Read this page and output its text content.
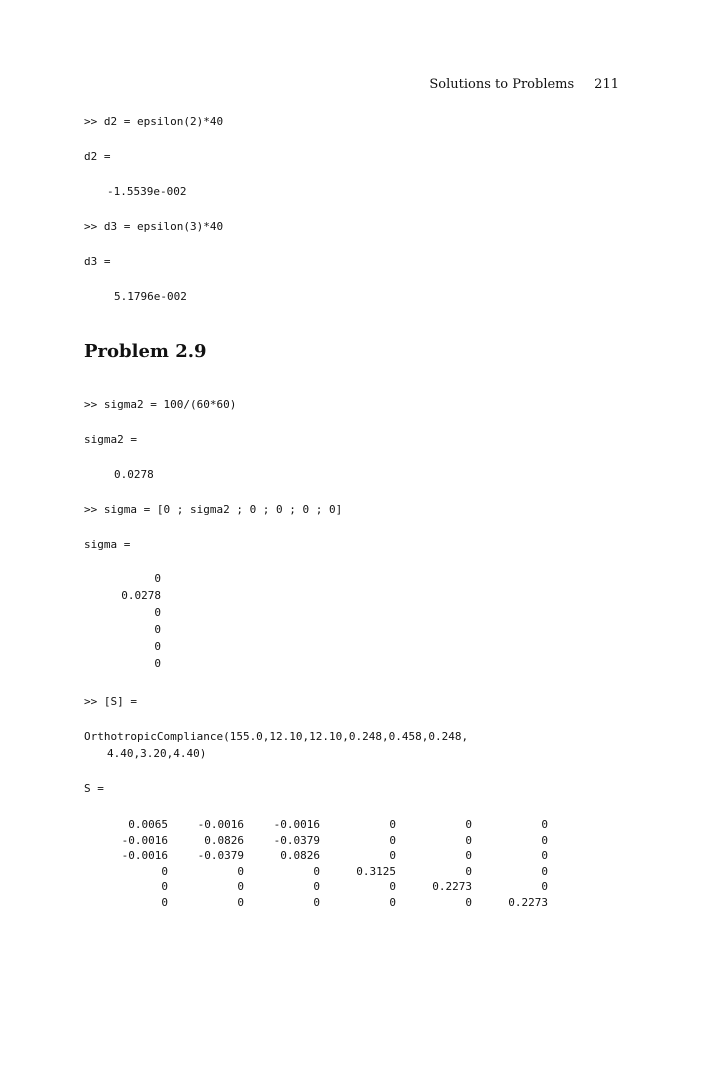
Solutions to Problems 211

>> d2 = epsilon(2)*40

d2 =

-1.5539e-002

>> d3 = epsilon(3)*40

d3 =

5.1796e-002

Problem 2.9

>> sigma2 = 100/(60*60)

sigma2 =

0.0278

>> sigma = [0 ; sigma2 ; 0 ; 0 ; 0 ; 0]

sigma =

0
0.0278
0
0
0
0

>> [S] =

OrthotropicCompliance(155.0,12.10,12.10,0.248,0.458,0.248,

4.40,3.20,4.40)

S =

0.0065	-0.0016	-0.0016	0	0	0
-0.0016	0.0826	-0.0379	0	0	0
-0.0016	-0.0379	0.0826	0	0	0
0	0	0	0.3125	0	0
0	0	0	0	0.2273	0
0	0	0	0	0	0.2273
